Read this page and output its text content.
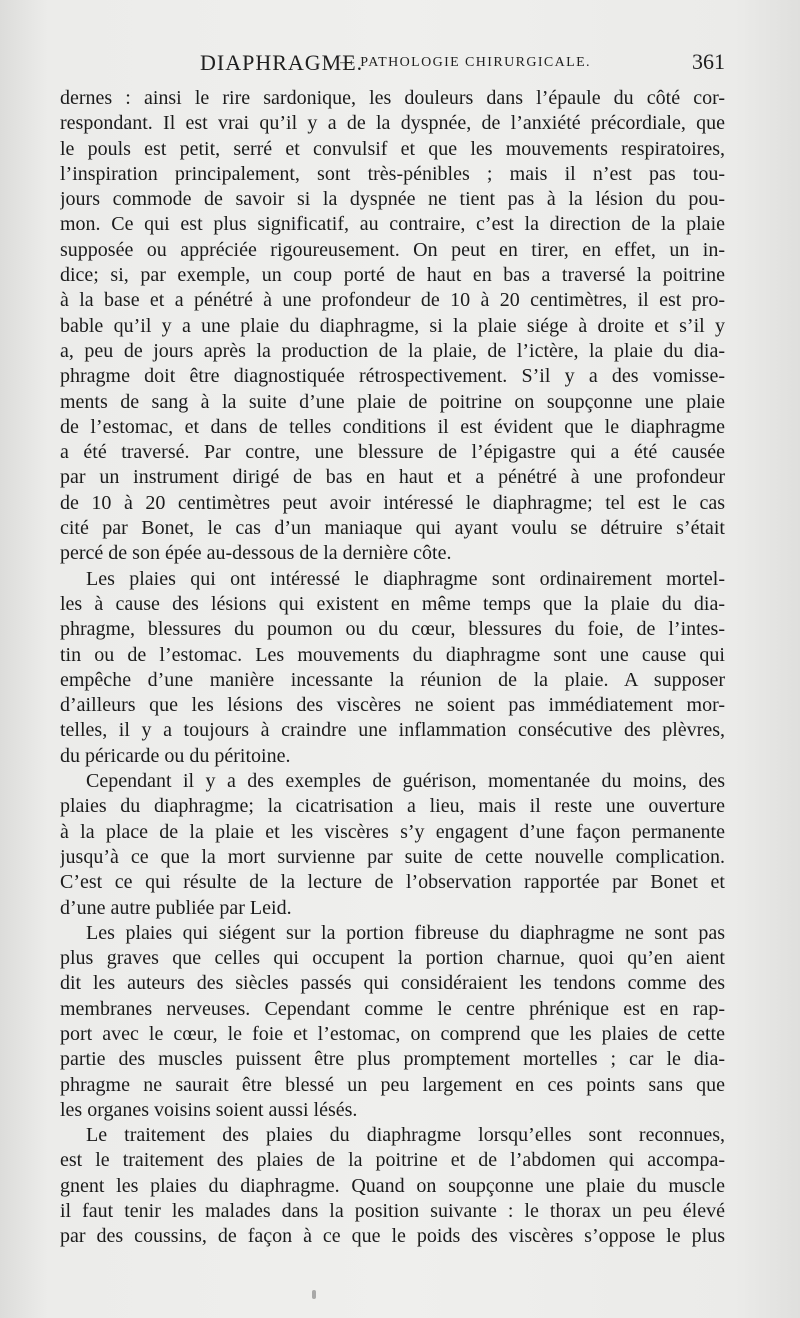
DIAPHRAGME.
— PATHOLOGIE CHIRURGICALE.	361
dernes : ainsi le rire sardonique, les douleurs dans l’épaule du côté cor-
respondant. Il est vrai qu’il y a de la dyspnée, de l’anxiété précordiale, que
le pouls est petit, serré et convulsif et que les mouvements respiratoires,
l’inspiration principalement, sont très-pénibles ; mais il n’est pas tou-
jours commode de savoir si la dyspnée ne tient pas à la lésion du pou-
mon. Ce qui est plus significatif, au contraire, c’est la direction de la plaie
supposée ou appréciée rigoureusement. On peut en tirer, en effet, un in-
dice; si, par exemple, un coup porté de haut en bas a traversé la poitrine
à la base et a pénétré à une profondeur de 10 à 20 centimètres, il est pro-
bable qu’il y a une plaie du diaphragme, si la plaie siége à droite et s’il y
a, peu de jours après la production de la plaie, de l’ictère, la plaie du dia-
phragme doit être diagnostiquée rétrospectivement. S’il y a des vomisse-
ments de sang à la suite d’une plaie de poitrine on soupçonne une plaie
de l’estomac, et dans de telles conditions il est évident que le diaphragme
a été traversé. Par contre, une blessure de l’épigastre qui a été causée
par un instrument dirigé de bas en haut et a pénétré à une profondeur
de 10 à 20 centimètres peut avoir intéressé le diaphragme; tel est le cas
cité par Bonet, le cas d’un maniaque qui ayant voulu se détruire s’était
percé de son épée au-dessous de la dernière côte.
Les plaies qui ont intéressé le diaphragme sont ordinairement mortel-
les à cause des lésions qui existent en même temps que la plaie du dia-
phragme, blessures du poumon ou du cœur, blessures du foie, de l’intes-
tin ou de l’estomac. Les mouvements du diaphragme sont une cause qui
empêche d’une manière incessante la réunion de la plaie. A supposer
d’ailleurs que les lésions des viscères ne soient pas immédiatement mor-
telles, il y a toujours à craindre une inflammation consécutive des plèvres,
du péricarde ou du péritoine.
Cependant il y a des exemples de guérison, momentanée du moins, des
plaies du diaphragme; la cicatrisation a lieu, mais il reste une ouverture
à la place de la plaie et les viscères s’y engagent d’une façon permanente
jusqu’à ce que la mort survienne par suite de cette nouvelle complication.
C’est ce qui résulte de la lecture de l’observation rapportée par Bonet et
d’une autre publiée par Leid.
Les plaies qui siégent sur la portion fibreuse du diaphragme ne sont pas
plus graves que celles qui occupent la portion charnue, quoi qu’en aient
dit les auteurs des siècles passés qui considéraient les tendons comme des
membranes nerveuses. Cependant comme le centre phrénique est en rap-
port avec le cœur, le foie et l’estomac, on comprend que les plaies de cette
partie des muscles puissent être plus promptement mortelles ; car le dia-
phragme ne saurait être blessé un peu largement en ces points sans que
les organes voisins soient aussi lésés.
Le traitement des plaies du diaphragme lorsqu’elles sont reconnues,
est le traitement des plaies de la poitrine et de l’abdomen qui accompa-
gnent les plaies du diaphragme. Quand on soupçonne une plaie du muscle
il faut tenir les malades dans la position suivante : le thorax un peu élevé
par des coussins, de façon à ce que le poids des viscères s’oppose le plus
